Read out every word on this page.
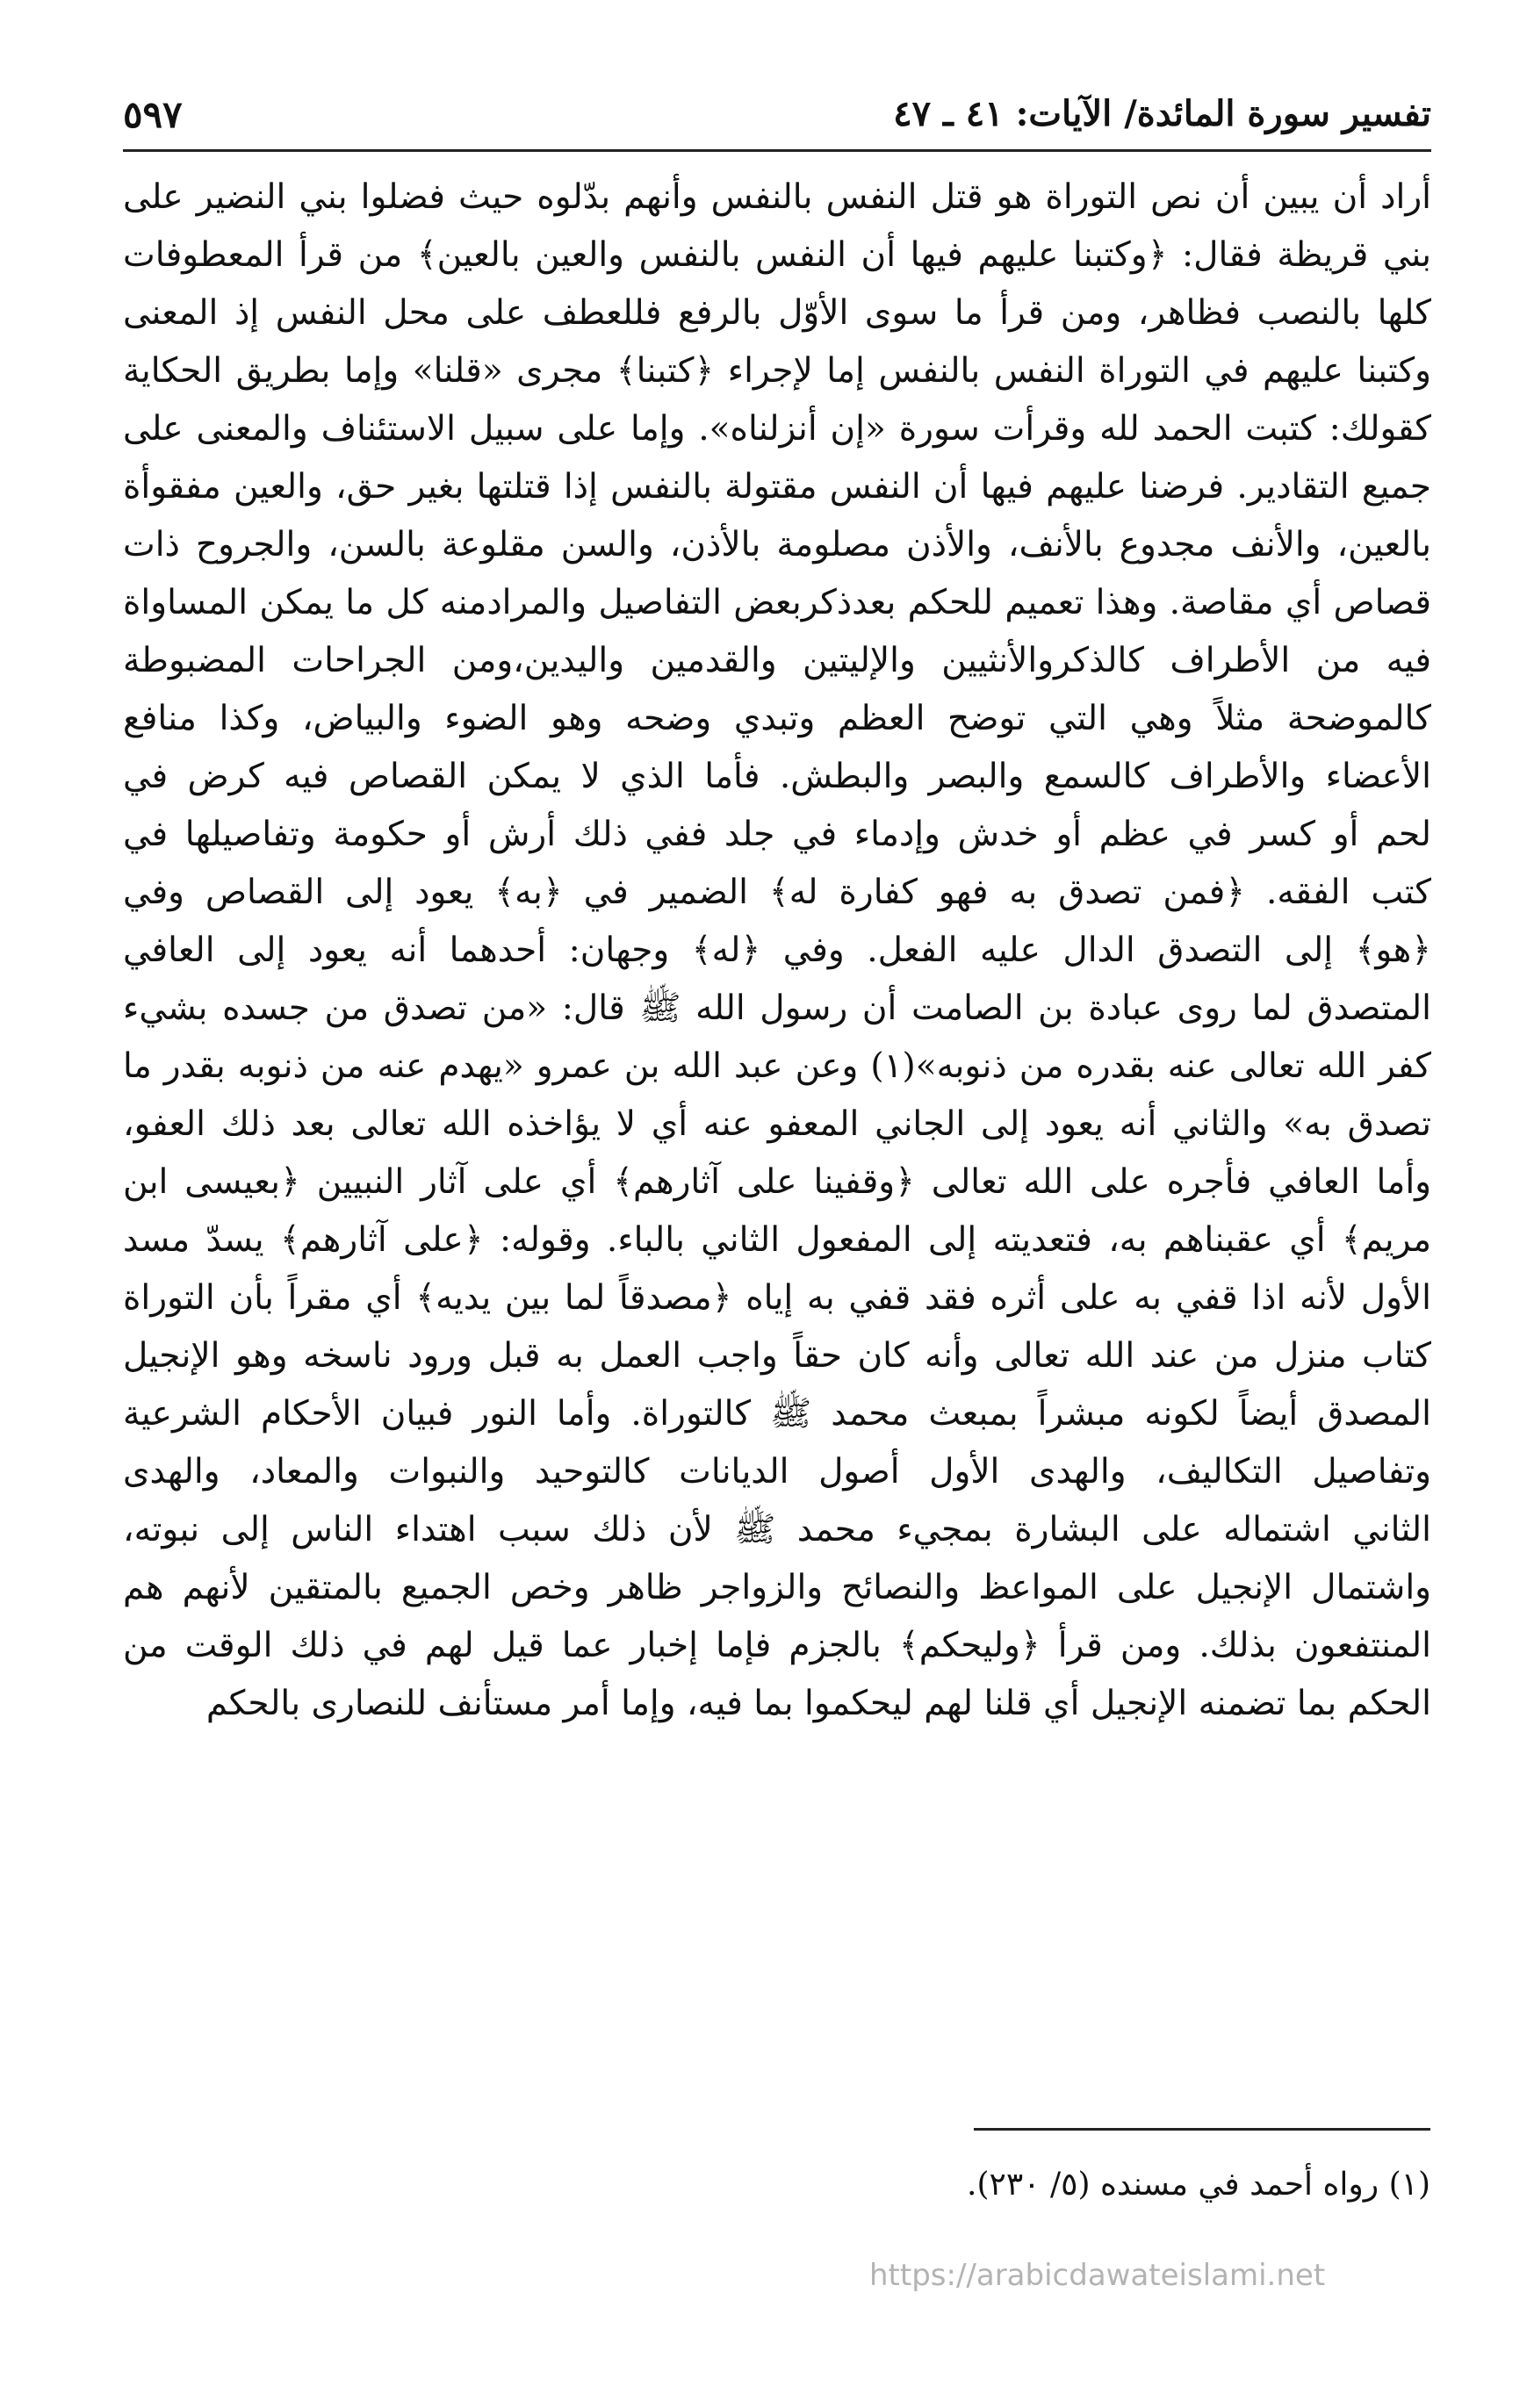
تفسير سورة المائدة/ الآيات: ٤١ ـ ٤٧
٥٩٧
أراد أن يبين أن نص التوراة هو قتل النفس بالنفس وأنهم بدّلوه حيث فضلوا بني النضير على
بني قريظة فقال: ﴿وكتبنا عليهم فيها أن النفس بالنفس والعين بالعين﴾ من قرأ المعطوفات
كلها بالنصب فظاهر، ومن قرأ ما سوى الأوّل بالرفع فللعطف على محل النفس إذ المعنى
وكتبنا عليهم في التوراة النفس بالنفس إما لإجراء ﴿كتبنا﴾ مجرى «قلنا» وإما بطريق الحكاية
كقولك: كتبت الحمد لله وقرأت سورة «إن أنزلناه». وإما على سبيل الاستئناف والمعنى على
جميع التقادير. فرضنا عليهم فيها أن النفس مقتولة بالنفس إذا قتلتها بغير حق، والعين مفقوأة
بالعين، والأنف مجدوع بالأنف، والأذن مصلومة بالأذن، والسن مقلوعة بالسن، والجروح ذات
قصاص أي مقاصة. وهذا تعميم للحكم بعدذكربعض التفاصيل والمرادمنه كل ما يمكن المساواة
فيه من الأطراف كالذكروالأنثيين والإليتين والقدمين واليدين،ومن الجراحات المضبوطة
كالموضحة مثلاً وهي التي توضح العظم وتبدي وضحه وهو الضوء والبياض، وكذا منافع
الأعضاء والأطراف كالسمع والبصر والبطش. فأما الذي لا يمكن القصاص فيه كرض في
لحم أو كسر في عظم أو خدش وإدماء في جلد ففي ذلك أرش أو حكومة وتفاصيلها في
كتب الفقه. ﴿فمن تصدق به فهو كفارة له﴾ الضمير في ﴿به﴾ يعود إلى القصاص وفي
﴿هو﴾ إلى التصدق الدال عليه الفعل. وفي ﴿له﴾ وجهان: أحدهما أنه يعود إلى العافي
المتصدق لما روى عبادة بن الصامت أن رسول الله ﷺ قال: «من تصدق من جسده بشيء
كفر الله تعالى عنه بقدره من ذنوبه»(١) وعن عبد الله بن عمرو «يهدم عنه من ذنوبه بقدر ما
تصدق به» والثاني أنه يعود إلى الجاني المعفو عنه أي لا يؤاخذه الله تعالى بعد ذلك العفو،
وأما العافي فأجره على الله تعالى ﴿وقفينا على آثارهم﴾ أي على آثار النبيين ﴿بعيسى ابن
مريم﴾ أي عقبناهم به، فتعديته إلى المفعول الثاني بالباء. وقوله: ﴿على آثارهم﴾ يسدّ مسد
الأول لأنه اذا قفي به على أثره فقد قفي به إياه ﴿مصدقاً لما بين يديه﴾ أي مقراً بأن التوراة
كتاب منزل من عند الله تعالى وأنه كان حقاً واجب العمل به قبل ورود ناسخه وهو الإنجيل
المصدق أيضاً لكونه مبشراً بمبعث محمد ﷺ كالتوراة. وأما النور فبيان الأحكام الشرعية
وتفاصيل التكاليف، والهدى الأول أصول الديانات كالتوحيد والنبوات والمعاد، والهدى
الثاني اشتماله على البشارة بمجيء محمد ﷺ لأن ذلك سبب اهتداء الناس إلى نبوته،
واشتمال الإنجيل على المواعظ والنصائح والزواجر ظاهر وخص الجميع بالمتقين لأنهم هم
المنتفعون بذلك. ومن قرأ ﴿وليحكم﴾ بالجزم فإما إخبار عما قيل لهم في ذلك الوقت من
الحكم بما تضمنه الإنجيل أي قلنا لهم ليحكموا بما فيه، وإما أمر مستأنف للنصارى بالحكم
(١) رواه أحمد في مسنده (٥/ ٢٣٠).
https://arabicdawateislami.net
